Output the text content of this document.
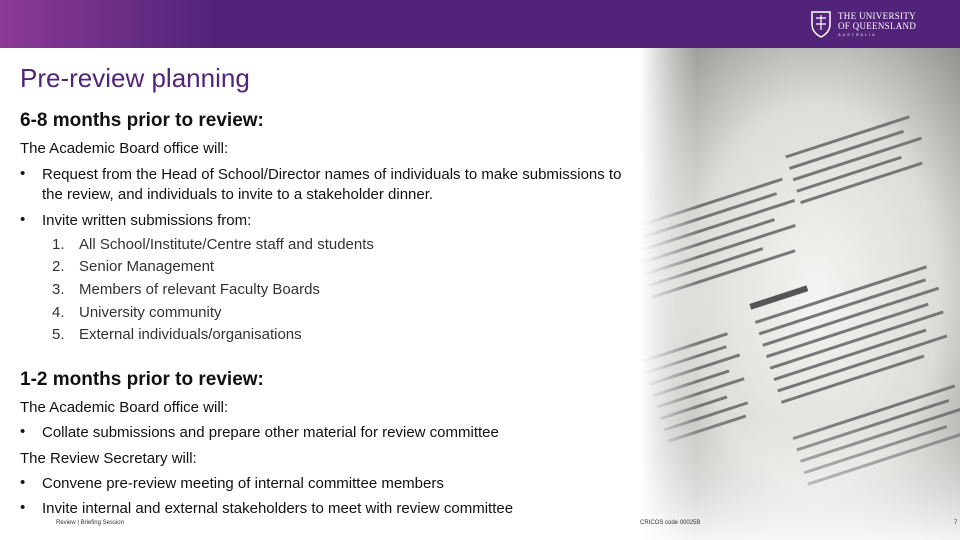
THE UNIVERSITY
OF QUEENSLAND
AUSTRALIA
Pre-review planning
6-8 months prior to review:

The Academic Board office will:

• Request from the Head of School/Director names of individuals to make submissions to the review, and individuals to invite to a stakeholder dinner.
• Invite written submissions from:
1. All School/Institute/Centre staff and students
2. Senior Management
3. Members of relevant Faculty Boards
4. University community
5. External individuals/organisations
1-2 months prior to review:

The Academic Board office will:

• Collate submissions and prepare other material for review committee

The Review Secretary will:

• Convene pre-review meeting of internal committee members
• Invite internal and external stakeholders to meet with review committee
Review | Briefing Session	CRICOS code 00025B	7
